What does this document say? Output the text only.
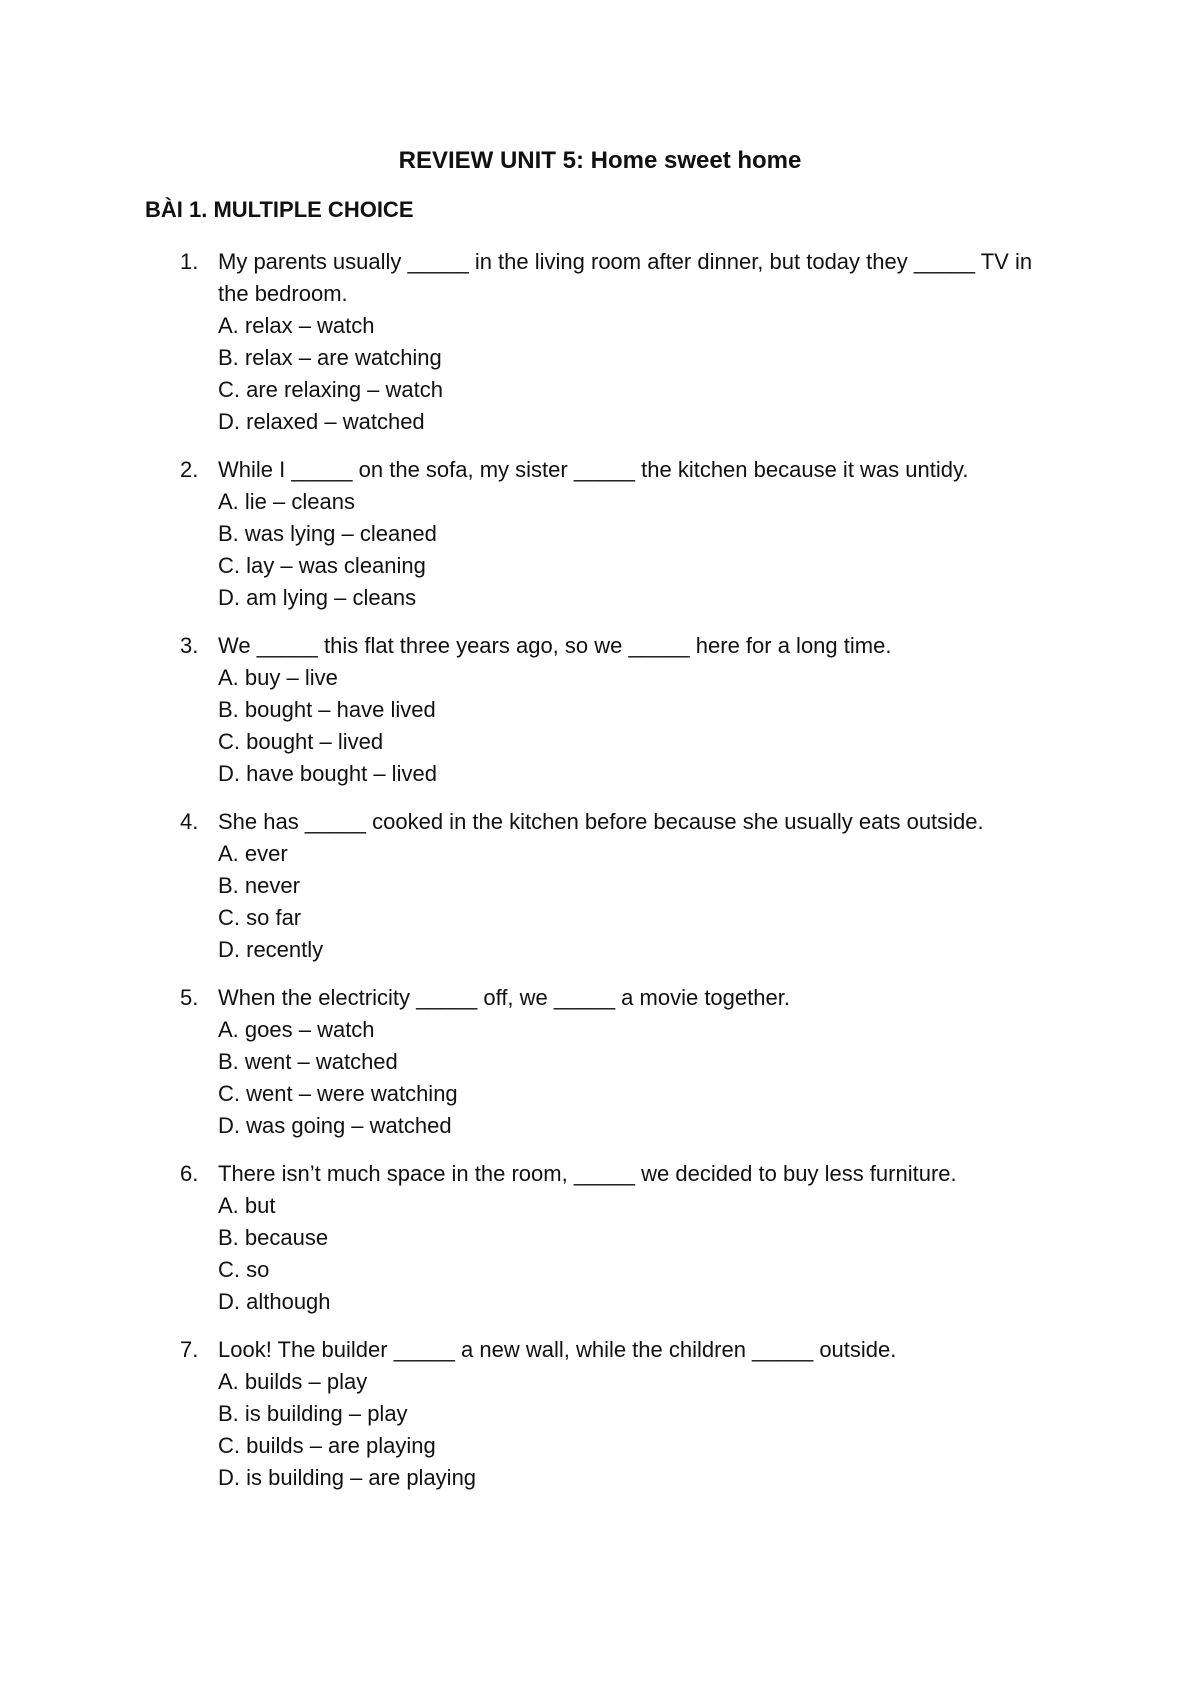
REVIEW UNIT 5: Home sweet home
BÀI 1. MULTIPLE CHOICE
1. My parents usually _____ in the living room after dinner, but today they _____ TV in the bedroom.

A. relax – watch
B. relax – are watching
C. are relaxing – watch
D. relaxed – watched
2. While I _____ on the sofa, my sister _____ the kitchen because it was untidy.

A. lie – cleans
B. was lying – cleaned
C. lay – was cleaning
D. am lying – cleans
3. We _____ this flat three years ago, so we _____ here for a long time.

A. buy – live
B. bought – have lived
C. bought – lived
D. have bought – lived
4. She has _____ cooked in the kitchen before because she usually eats outside.

A. ever
B. never
C. so far
D. recently
5. When the electricity _____ off, we _____ a movie together.

A. goes – watch
B. went – watched
C. went – were watching
D. was going – watched
6. There isn’t much space in the room, _____ we decided to buy less furniture.

A. but
B. because
C. so
D. although
7. Look! The builder _____ a new wall, while the children _____ outside.

A. builds – play
B. is building – play
C. builds – are playing
D. is building – are playing
